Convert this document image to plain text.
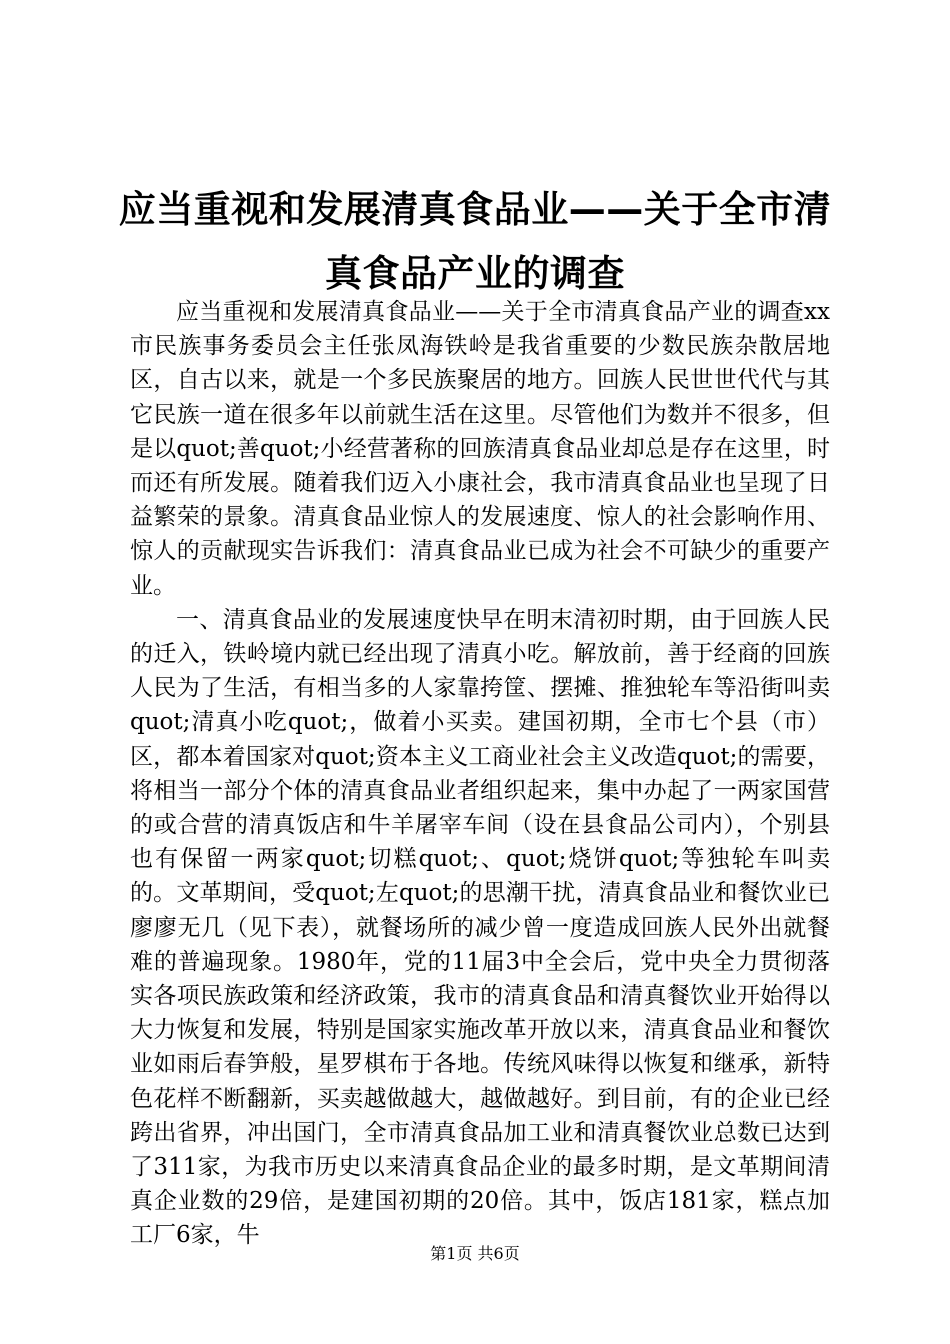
应当重视和发展清真食品业——关于全市清真食品产业的调查

应当重视和发展清真食品业——关于全市清真食品产业的调查xx市民族事务委员会主任张凤海铁岭是我省重要的少数民族杂散居地区，自古以来，就是一个多民族聚居的地方。回族人民世世代代与其它民族一道在很多年以前就生活在这里。尽管他们为数并不很多，但是以quot;善quot;小经营著称的回族清真食品业却总是存在这里，时而还有所发展。随着我们迈入小康社会，我市清真食品业也呈现了日益繁荣的景象。清真食品业惊人的发展速度、惊人的社会影响作用、惊人的贡献现实告诉我们：清真食品业已成为社会不可缺少的重要产业。

一、清真食品业的发展速度快早在明末清初时期，由于回族人民的迁入，铁岭境内就已经出现了清真小吃。解放前，善于经商的回族人民为了生活，有相当多的人家靠挎筐、摆摊、推独轮车等沿街叫卖quot;清真小吃quot;，做着小买卖。建国初期，全市七个县（市）区，都本着国家对quot;资本主义工商业社会主义改造quot;的需要，将相当一部分个体的清真食品业者组织起来，集中办起了一两家国营的或合营的清真饭店和牛羊屠宰车间（设在县食品公司内），个别县也有保留一两家quot;切糕quot;、quot;烧饼quot;等独轮车叫卖的。文革期间，受quot;左quot;的思潮干扰，清真食品业和餐饮业已廖廖无几（见下表），就餐场所的减少曾一度造成回族人民外出就餐难的普遍现象。1980年，党的11届3中全会后，党中央全力贯彻落实各项民族政策和经济政策，我市的清真食品和清真餐饮业开始得以大力恢复和发展，特别是国家实施改革开放以来，清真食品业和餐饮业如雨后春笋般，星罗棋布于各地。传统风味得以恢复和继承，新特色花样不断翻新，买卖越做越大，越做越好。到目前，有的企业已经跨出省界，冲出国门，全市清真食品加工业和清真餐饮业总数已达到了311家，为我市历史以来清真食品企业的最多时期，是文革期间清真企业数的29倍，是建国初期的20倍。其中，饭店181家，糕点加工厂6家，牛

第1页 共6页
